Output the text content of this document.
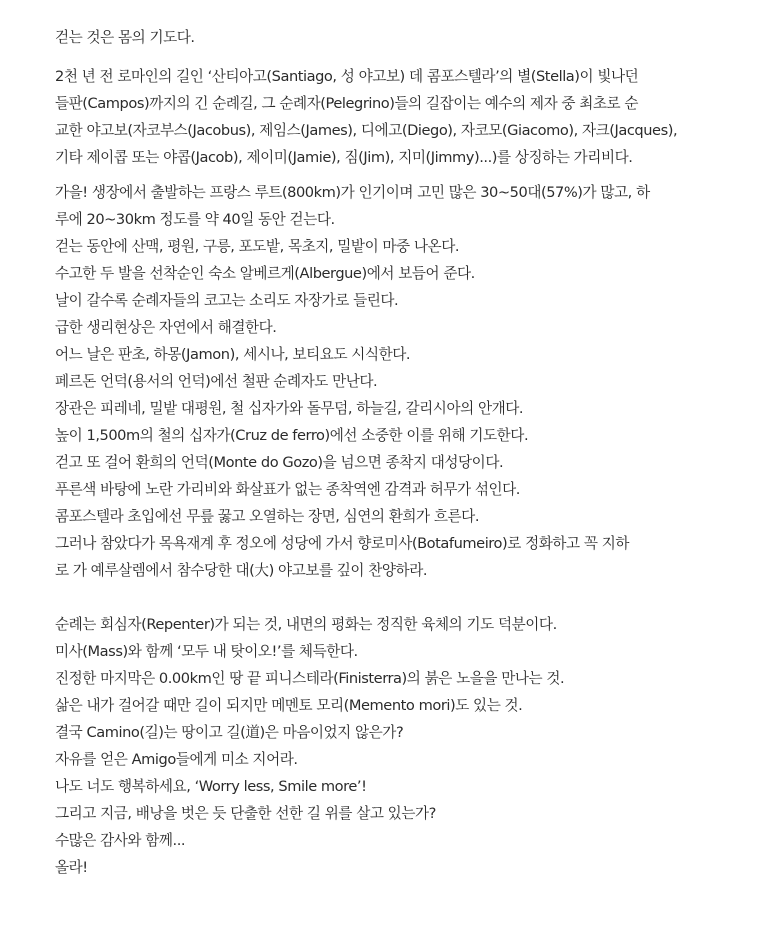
걷는 것은 몸의 기도다.

2천 년 전 로마인의 길인 ‘산티아고(Santiago, 성 야고보) 데 콤포스텔라’의 별(Stella)이 빛나던
들판(Campos)까지의 긴 순례길, 그 순례자(Pelegrino)들의 길잡이는 예수의 제자 중 최초로 순
교한 야고보(자코부스(Jacobus), 제임스(James), 디에고(Diego), 자코모(Giacomo), 자크(Jacques),
기타 제이콥 또는 야콥(Jacob), 제이미(Jamie), 짐(Jim), 지미(Jimmy)...)를 상징하는 가리비다.

가을! 생장에서 출발하는 프랑스 루트(800km)가 인기이며 고민 많은 30~50대(57%)가 많고, 하
루에 20~30km 정도를 약 40일 동안 걷는다.
걷는 동안에 산맥, 평원, 구릉, 포도밭, 목초지, 밀밭이 마중 나온다.
수고한 두 발을 선착순인 숙소 알베르게(Albergue)에서 보듬어 준다.
날이 갈수록 순례자들의 코고는 소리도 자장가로 들린다.
급한 생리현상은 자연에서 해결한다.
어느 날은 판초, 하몽(Jamon), 세시나, 보티요도 시식한다.
페르돈 언덕(용서의 언덕)에선 철판 순례자도 만난다.
장관은 피레네, 밀밭 대평원, 철 십자가와 돌무덤, 하늘길, 갈리시아의 안개다.
높이 1,500m의 철의 십자가(Cruz de ferro)에선 소중한 이를 위해 기도한다.
걷고 또 걸어 환희의 언덕(Monte do Gozo)을 넘으면 종착지 대성당이다.
푸른색 바탕에 노란 가리비와 화살표가 없는 종착역엔 감격과 허무가 섞인다.
콤포스텔라 초입에선 무릎 꿇고 오열하는 장면, 심연의 환희가 흐른다.
그러나 참았다가 목욕재계 후 정오에 성당에 가서 향로미사(Botafumeiro)로 정화하고 꼭 지하
로 가 예루살렘에서 참수당한 대(大) 야고보를 깊이 찬양하라.

순례는 회심자(Repenter)가 되는 것, 내면의 평화는 정직한 육체의 기도 덕분이다.
미사(Mass)와 함께 ‘모두 내 탓이오!’를 체득한다.
진정한 마지막은 0.00km인 땅 끝 피니스테라(Finisterra)의 붉은 노을을 만나는 것.
삶은 내가 걸어갈 때만 길이 되지만 메멘토 모리(Memento mori)도 있는 것.
결국 Camino(길)는 땅이고 길(道)은 마음이었지 않은가?
자유를 얻은 Amigo들에게 미소 지어라.
나도 너도 행복하세요, ‘Worry less, Smile more’!
그리고 지금, 배낭을 벗은 듯 단출한 선한 길 위를 살고 있는가?
수많은 감사와 함께...
올라!
